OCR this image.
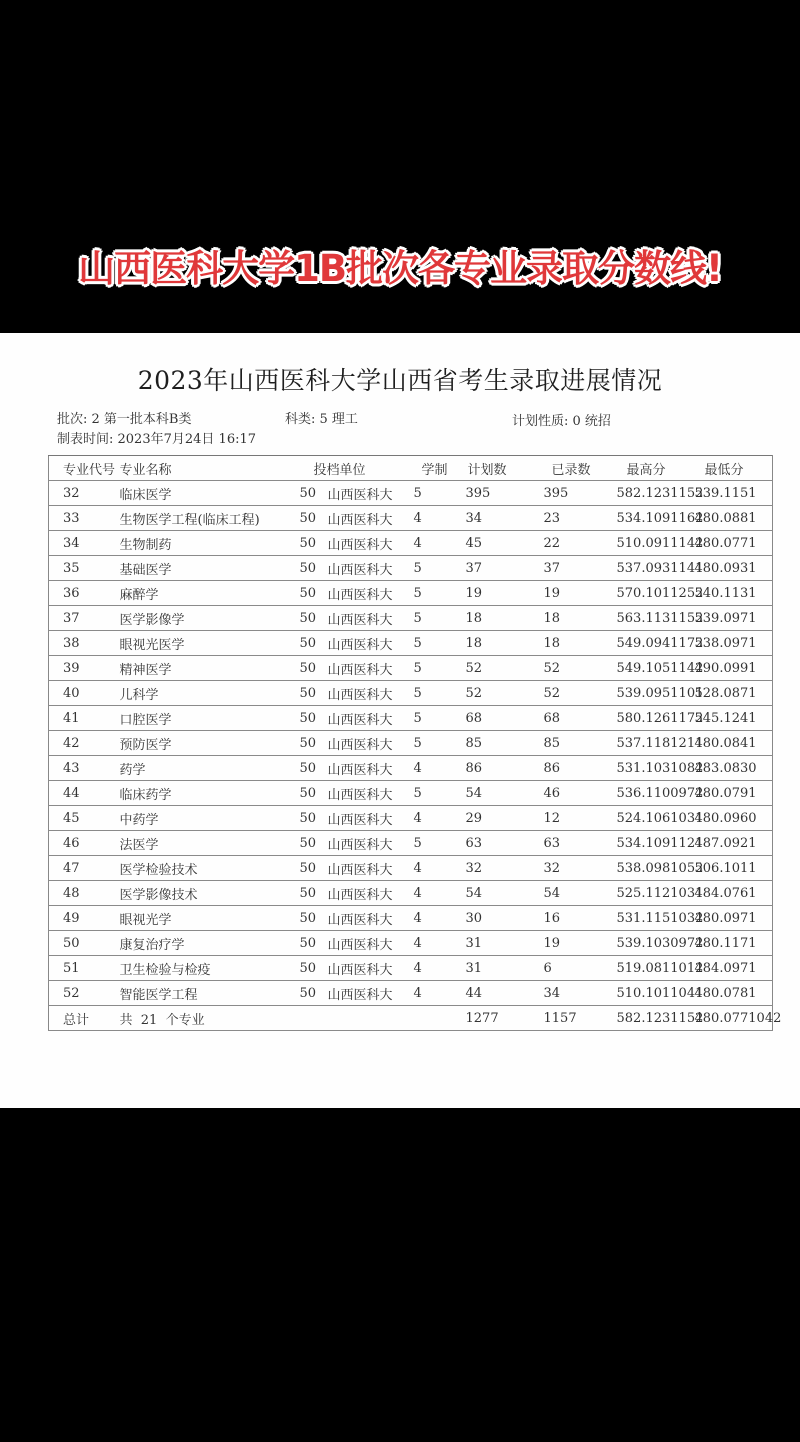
山西医科大学1B批次各专业录取分数线!
2023年山西医科大学山西省考生录取进展情况
批次: 2 第一批本科B类	科类: 5 理工	计划性质: 0 统招
制表时间: 2023年7月24日 16:17
专业代号	专业名称	投档单位		学制	计划数	已录数	最高分	最低分
32	临床医学	50	山西医科大	5	395	395	582.1231152	539.1151
33	生物医学工程(临床工程)	50	山西医科大	4	34	23	534.1091162	480.0881
34	生物制药	50	山西医科大	4	45	22	510.0911142	480.0771
35	基础医学	50	山西医科大	5	37	37	537.0931141	480.0931
36	麻醉学	50	山西医科大	5	19	19	570.1011252	540.1131
37	医学影像学	50	山西医科大	5	18	18	563.1131152	539.0971
38	眼视光医学	50	山西医科大	5	18	18	549.0941172	538.0971
39	精神医学	50	山西医科大	5	52	52	549.1051142	490.0991
40	儿科学	50	山西医科大	5	52	52	539.0951101	528.0871
41	口腔医学	50	山西医科大	5	68	68	580.1261172	545.1241
42	预防医学	50	山西医科大	5	85	85	537.1181211	480.0841
43	药学	50	山西医科大	4	86	86	531.1031082	483.0830
44	临床药学	50	山西医科大	5	54	46	536.1100972	480.0791
45	中药学	50	山西医科大	4	29	12	524.1061031	480.0960
46	法医学	50	山西医科大	5	63	63	534.1091121	487.0921
47	医学检验技术	50	山西医科大	4	32	32	538.0981052	506.1011
48	医学影像技术	50	山西医科大	4	54	54	525.1121031	484.0761
49	眼视光学	50	山西医科大	4	30	16	531.1151032	480.0971
50	康复治疗学	50	山西医科大	4	31	19	539.1030972	480.1171
51	卫生检验与检疫	50	山西医科大	4	31	6	519.0811012	484.0971
52	智能医学工程	50	山西医科大	4	44	34	510.1011041	480.0781
总计	共  21  个专业				1277	1157	582.1231152	480.0771042
